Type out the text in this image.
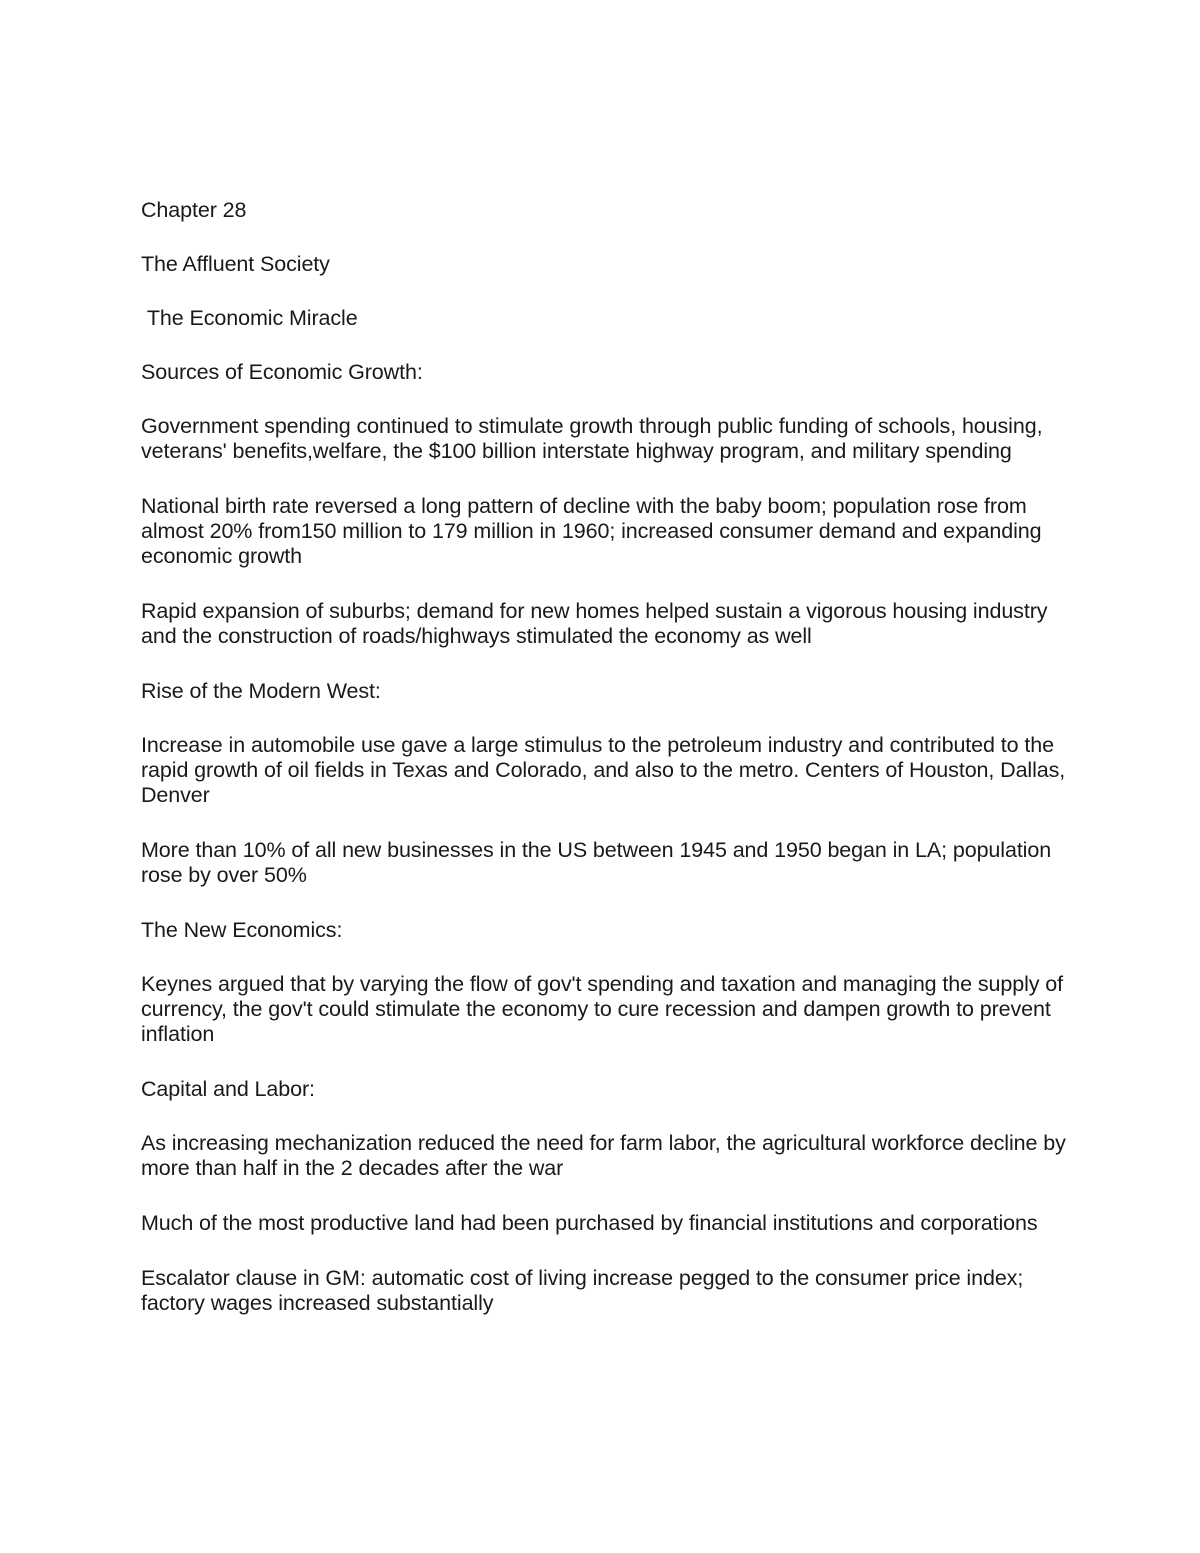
Chapter 28

The Affluent Society

The Economic Miracle

Sources of Economic Growth:

Government spending continued to stimulate growth through public funding of schools, housing, veterans' benefits,welfare, the $100 billion interstate highway program, and military spending

National birth rate reversed a long pattern of decline with the baby boom; population rose from almost 20% from150 million to 179 million in 1960; increased consumer demand and expanding economic growth

Rapid expansion of suburbs; demand for new homes helped sustain a vigorous housing industry and the construction of roads/highways stimulated the economy as well

Rise of the Modern West:

Increase in automobile use gave a large stimulus to the petroleum industry and contributed to the rapid growth of oil fields in Texas and Colorado, and also to the metro. Centers of Houston, Dallas, Denver

More than 10% of all new businesses in the US between 1945 and 1950 began in LA; population rose by over 50%

The New Economics:

Keynes argued that by varying the flow of gov't spending and taxation and managing the supply of currency, the gov't could stimulate the economy to cure recession and dampen growth to prevent inflation

Capital and Labor:

As increasing mechanization reduced the need for farm labor, the agricultural workforce decline by more than half in the 2 decades after the war

Much of the most productive land had been purchased by financial institutions and corporations

Escalator clause in GM: automatic cost of living increase pegged to the consumer price index; factory wages increased substantially
